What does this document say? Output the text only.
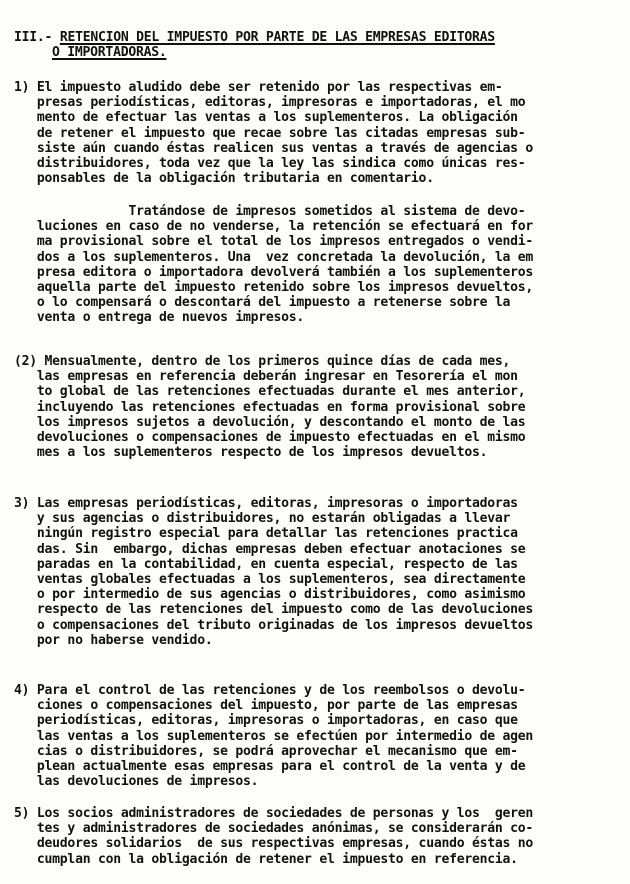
III.- RETENCION DEL IMPUESTO POR PARTE DE LAS EMPRESAS EDITORAS
O IMPORTADORAS.
1) El impuesto aludido debe ser retenido por las respectivas em-
presas periodísticas, editoras, impresoras e importadoras, el mo
mento de efectuar las ventas a los suplementeros. La obligación
de retener el impuesto que recae sobre las citadas empresas sub-
siste aún cuando éstas realicen sus ventas a través de agencias o
distribuidores, toda vez que la ley las sindica como únicas res-
ponsables de la obligación tributaria en comentario.
Tratándose de impresos sometidos al sistema de devo-
luciones en caso de no venderse, la retención se efectuará en for
ma provisional sobre el total de los impresos entregados o vendi-
dos a los suplementeros. Una  vez concretada la devolución, la em
presa editora o importadora devolverá también a los suplementeros
aquella parte del impuesto retenido sobre los impresos devueltos,
o lo compensará o descontará del impuesto a retenerse sobre la
venta o entrega de nuevos impresos.
(2) Mensualmente, dentro de los primeros quince días de cada mes,
las empresas en referencia deberán ingresar en Tesorería el mon
to global de las retenciones efectuadas durante el mes anterior,
incluyendo las retenciones efectuadas en forma provisional sobre
los impresos sujetos a devolución, y descontando el monto de las
devoluciones o compensaciones de impuesto efectuadas en el mismo
mes a los suplementeros respecto de los impresos devueltos.
3) Las empresas periodísticas, editoras, impresoras o importadoras
y sus agencias o distribuidores, no estarán obligadas a llevar
ningún registro especial para detallar las retenciones practica
das. Sin  embargo, dichas empresas deben efectuar anotaciones se
paradas en la contabilidad, en cuenta especial, respecto de las
ventas globales efectuadas a los suplementeros, sea directamente
o por intermedio de sus agencias o distribuidores, como asimismo
respecto de las retenciones del impuesto como de las devoluciones
o compensaciones del tributo originadas de los impresos devueltos
por no haberse vendido.
4) Para el control de las retenciones y de los reembolsos o devolu-
ciones o compensaciones del impuesto, por parte de las empresas
periodísticas, editoras, impresoras o importadoras, en caso que
las ventas a los suplementeros se efectúen por intermedio de agen
cias o distribuidores, se podrá aprovechar el mecanismo que em-
plean actualmente esas empresas para el control de la venta y de
las devoluciones de impresos.
5) Los socios administradores de sociedades de personas y los  geren
tes y administradores de sociedades anónimas, se considerarán co-
deudores solidarios  de sus respectivas empresas, cuando éstas no
cumplan con la obligación de retener el impuesto en referencia.
